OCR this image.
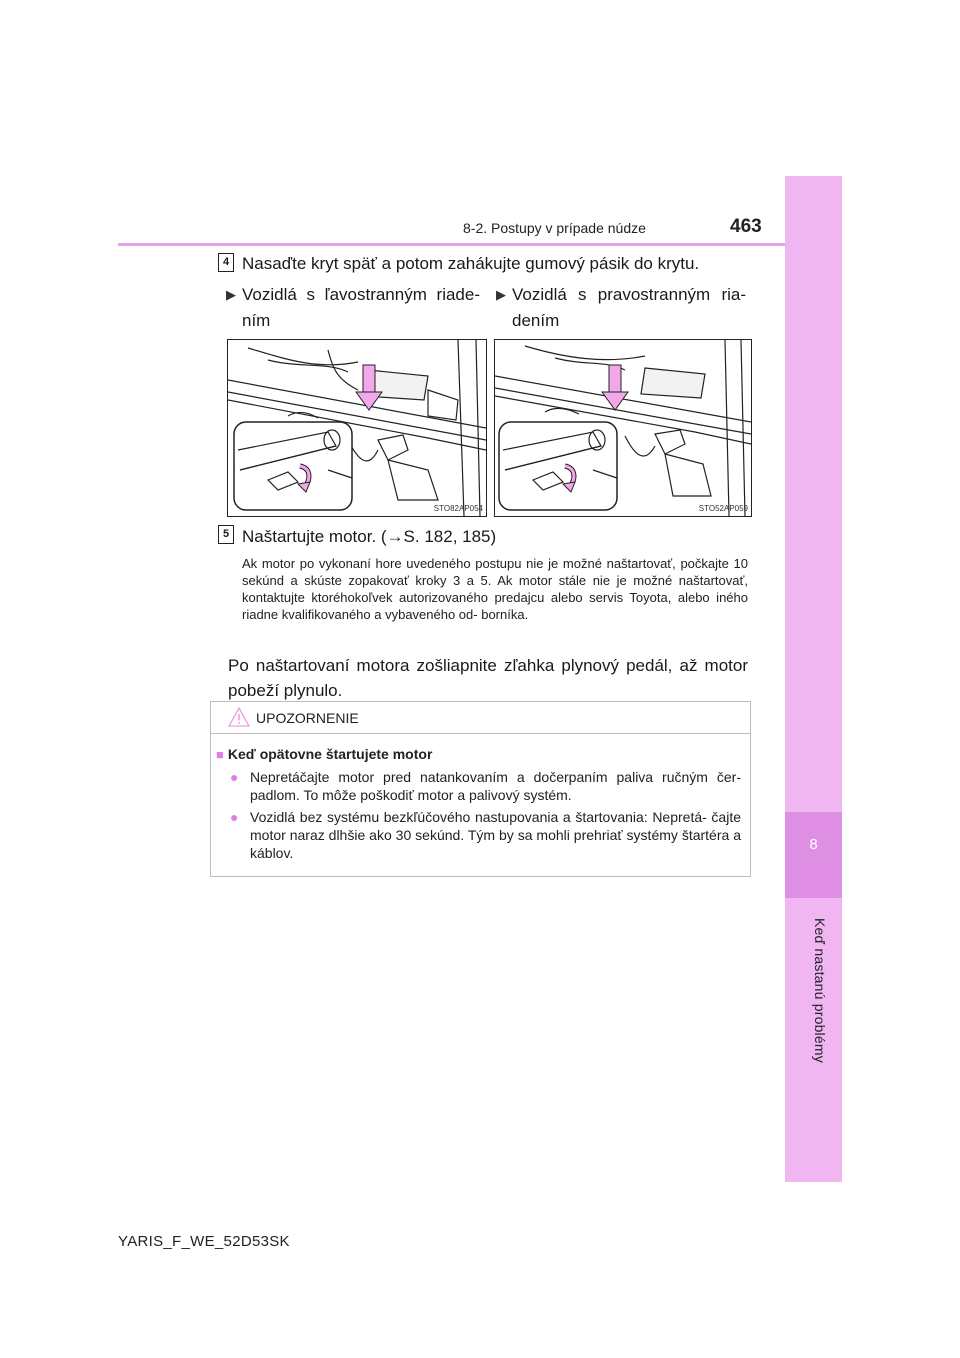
8
Keď nastanú problémy
8-2. Postupy v prípade núdze	463
4 Nasaďte kryt späť a potom zahákujte gumový pásik do krytu.
▶ Vozidlá s ľavostranným riade- ním
▶ Vozidlá s pravostranným ria- dením
STO82AP054	STO52AP059
5 Naštartujte motor. (→S. 182, 185)
Ak motor po vykonaní hore uvedeného postupu nie je možné naštartovať, počkajte 10 sekúnd a skúste zopakovať kroky 3 a 5. Ak motor stále nie je možné naštartovať, kontaktujte ktoréhokoľvek autorizovaného predajcu alebo servis Toyota, alebo iného riadne kvalifikovaného a vybaveného od- borníka.
Po naštartovaní motora zošliapnite zľahka plynový pedál, až motor pobeží plynulo.
UPOZORNENIE
■ Keď opätovne štartujete motor
● Nepretáčajte motor pred natankovaním a dočerpaním paliva ručným čer- padlom. To môže poškodiť motor a palivový systém.
● Vozidlá bez systému bezkľúčového nastupovania a štartovania: Nepretá- čajte motor naraz dlhšie ako 30 sekúnd. Tým by sa mohli prehriať systémy štartéra a káblov.
YARIS_F_WE_52D53SK
